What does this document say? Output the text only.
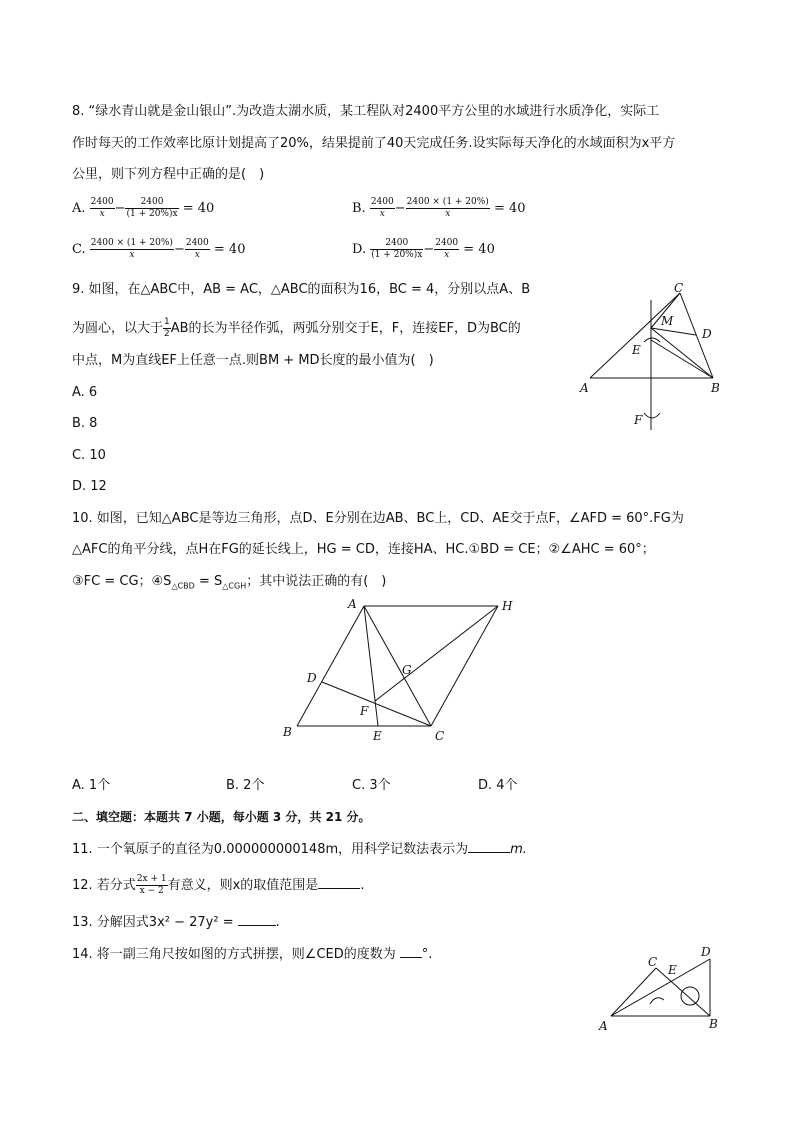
8. “绿水青山就是金山银山”.为改造太湖水质，某工程队对2400平方公里的水域进行水质净化，实际工
作时每天的工作效率比原计划提高了20%，结果提前了40天完成任务.设实际每天净化的水域面积为x平方
公里，则下列方程中正确的是(　)
A. $\frac{2400}{x} - \frac{2400}{(1 + 20\%)x} = 40$	B. $\frac{2400}{x} - \frac{2400 \times (1 + 20\%)}{x} = 40$
C. $\frac{2400 \times (1 + 20\%)}{x} - \frac{2400}{x} = 40$	D. $\frac{2400}{(1 + 20\%)x} - \frac{2400}{x} = 40$
9. 如图，在△ABC中，AB = AC，△ABC的面积为16，BC = 4，分别以点A、B
为圆心，以大于 $\frac{1}{2}$ AB的长为半径作弧，两弧分别交于E，F，连接EF，D为BC的
中点，M为直线EF上任意一点.则BM + MD长度的最小值为(　)
A. 6
B. 8
C. 10
D. 12
C
M
D
E
A	B
F
10. 如图，已知△ABC是等边三角形，点D、E分别在边AB、BC上，CD、AE交于点F，∠AFD = 60°.FG为
△AFC的角平分线，点H在FG的延长线上，HG = CD，连接HA、HC.①BD = CE；②∠AHC = 60°；
③FC = CG；$④S_{\triangle CBD} = S_{\triangle CGH}$；其中说法正确的有(　)
A	H
D
G
F
B	E	C
A. 1个	B. 2个	C. 3个	D. 4个
二、填空题：本题共 7 小题，每小题 3 分，共 21 分。
11. 一个氧原子的直径为0.000000000148m，用科学记数法表示为	m.
12. 若分式 $\frac{2x + 1}{x - 2}$ 有意义，则x的取值范围是	.
13. 分解因式3x² − 27y² =	.
14. 将一副三角尺按如图的方式拼摆，则∠CED的度数为 °.	C
E
D
A	B
